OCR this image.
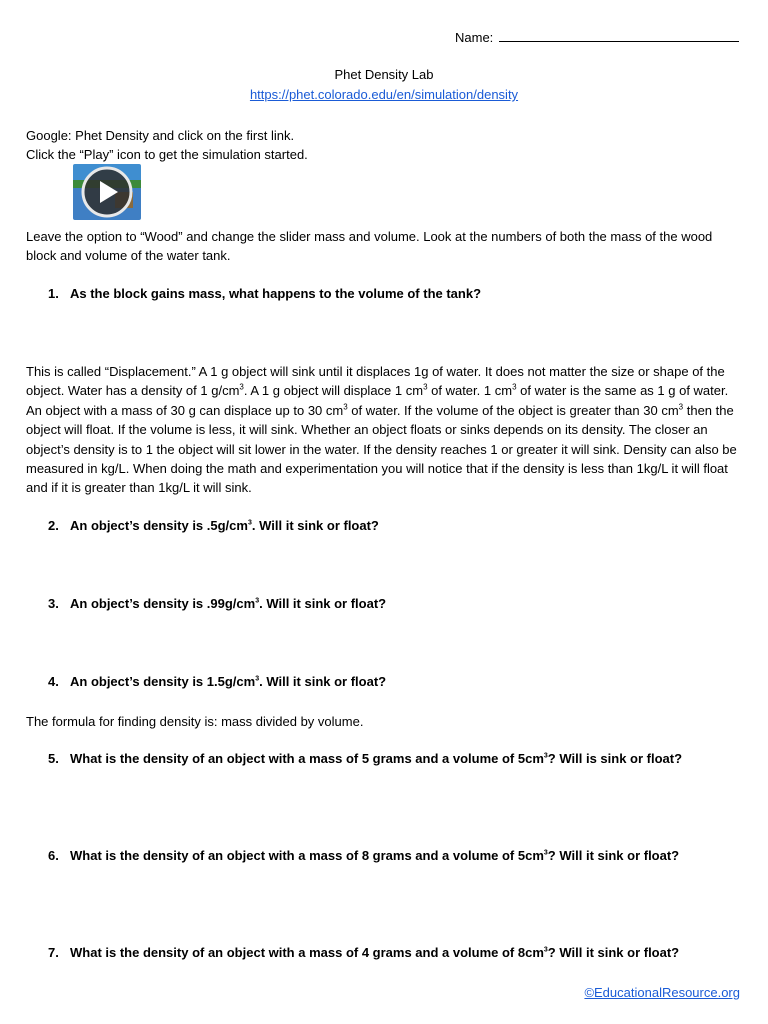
Name:
Phet Density Lab
https://phet.colorado.edu/en/simulation/density
Google: Phet Density and click on the first link.
Click the “Play” icon to get the simulation started.
Leave the option to “Wood” and change the slider mass and volume. Look at the numbers of both the mass of the wood block and volume of the water tank.
1. As the block gains mass, what happens to the volume of the tank?
This is called “Displacement.” A 1 g object will sink until it displaces 1g of water. It does not matter the size or shape of the object. Water has a density of 1 $g/cm^3$. A 1 g object will displace 1 $cm^3$ of water. 1 $cm^3$ of water is the same as 1 g of water. An object with a mass of 30 g can displace up to 30 $cm^3$ of water. If the volume of the object is greater than 30 $cm^3$ then the object will float. If the volume is less, it will sink. Whether an object floats or sinks depends on its density. The closer an object’s density is to 1 the object will sit lower in the water. If the density reaches 1 or greater it will sink. Density can also be measured in kg/L. When doing the math and experimentation you will notice that if the density is less than 1kg/L it will float and if it is greater than 1kg/L it will sink.
2. An object’s density is $.5g/cm^3$. Will it sink or float?
3. An object’s density is $.99g/cm^3$. Will it sink or float?
4. An object’s density is $1.5g/cm^3$. Will it sink or float?
The formula for finding density is: mass divided by volume.
5. What is the density of an object with a mass of 5 grams and a volume of $5cm^3$? Will is sink or float?
6. What is the density of an object with a mass of 8 grams and a volume of $5cm^3$? Will it sink or float?
7. What is the density of an object with a mass of 4 grams and a volume of $8cm^3$? Will it sink or float?
©EducationalResource.org
